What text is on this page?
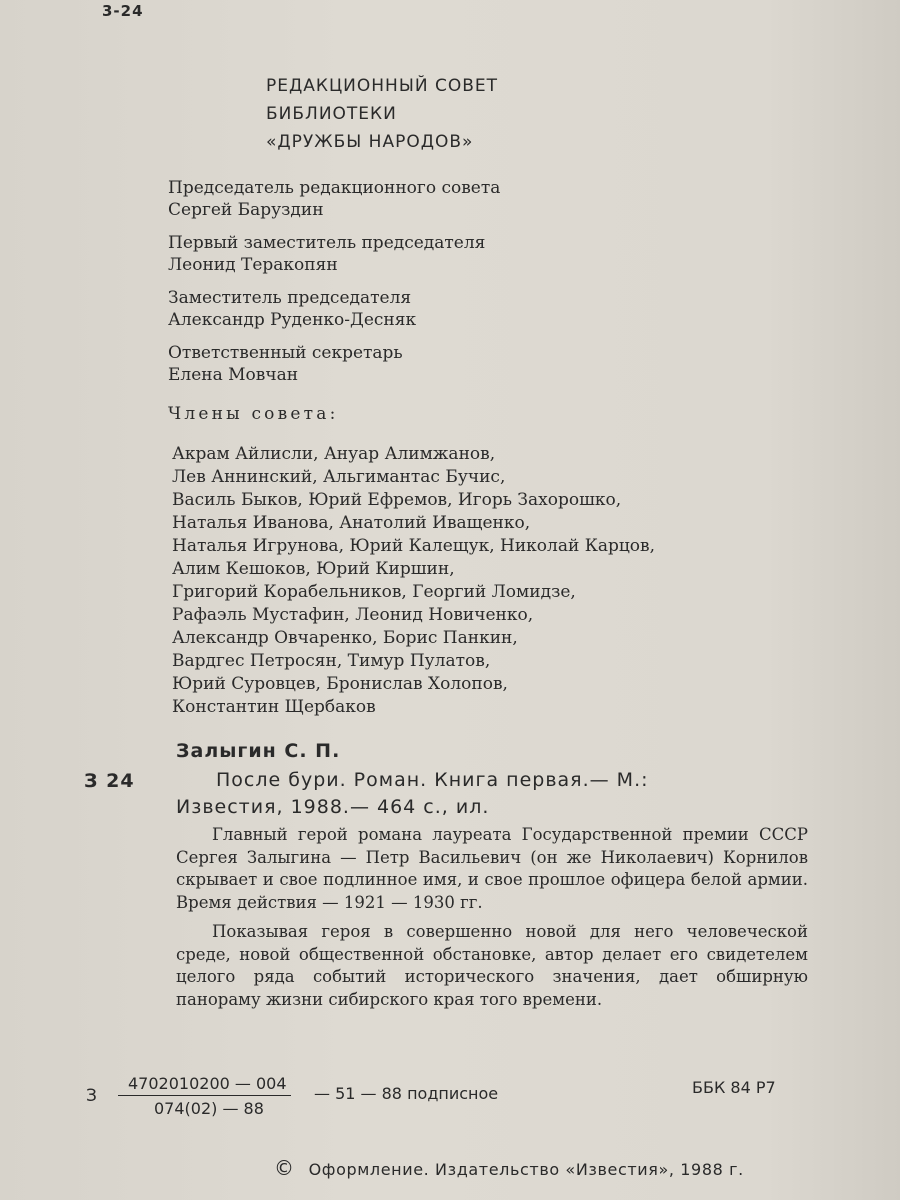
3-24
РЕДАКЦИОННЫЙ СОВЕТ
БИБЛИОТЕКИ
«ДРУЖБЫ НАРОДОВ»
Председатель редакционного совета
Сергей Баруздин
Первый заместитель председателя
Леонид Теракопян
Заместитель председателя
Александр Руденко-Десняк
Ответственный секретарь
Елена Мовчан
Члены совета:
Акрам Айлисли, Ануар Алимжанов,
Лев Аннинский, Альгимантас Бучис,
Василь Быков, Юрий Ефремов, Игорь Захорошко,
Наталья Иванова, Анатолий Иващенко,
Наталья Игрунова, Юрий Калещук, Николай Карцов,
Алим Кешоков, Юрий Киршин,
Григорий Корабельников, Георгий Ломидзе,
Рафаэль Мустафин, Леонид Новиченко,
Александр Овчаренко, Борис Панкин,
Вардгес Петросян, Тимур Пулатов,
Юрий Суровцев, Бронислав Холопов,
Константин Щербаков
Залыгин С. П.
З 24	После бури. Роман. Книга первая.— М.:
Известия, 1988.— 464 с., ил.

Главный герой романа лауреата Государственной премии СССР Сергея Залыгина — Петр Васильевич (он же Николаевич) Корнилов скрывает и свое подлинное имя, и свое прошлое офицера белой армии. Время действия — 1921 — 1930 гг.

Показывая героя в совершенно новой для него человеческой среде, новой общественной обстановке, автор делает его свидетелем целого ряда событий исторического значения, дает обширную панораму жизни сибирского края того времени.

З $\frac{4702010200 — 004}{074(02) — 88}$ — 51 — 88 подписное	ББК 84 Р7
© Оформление. Издательство «Известия», 1988 г.
